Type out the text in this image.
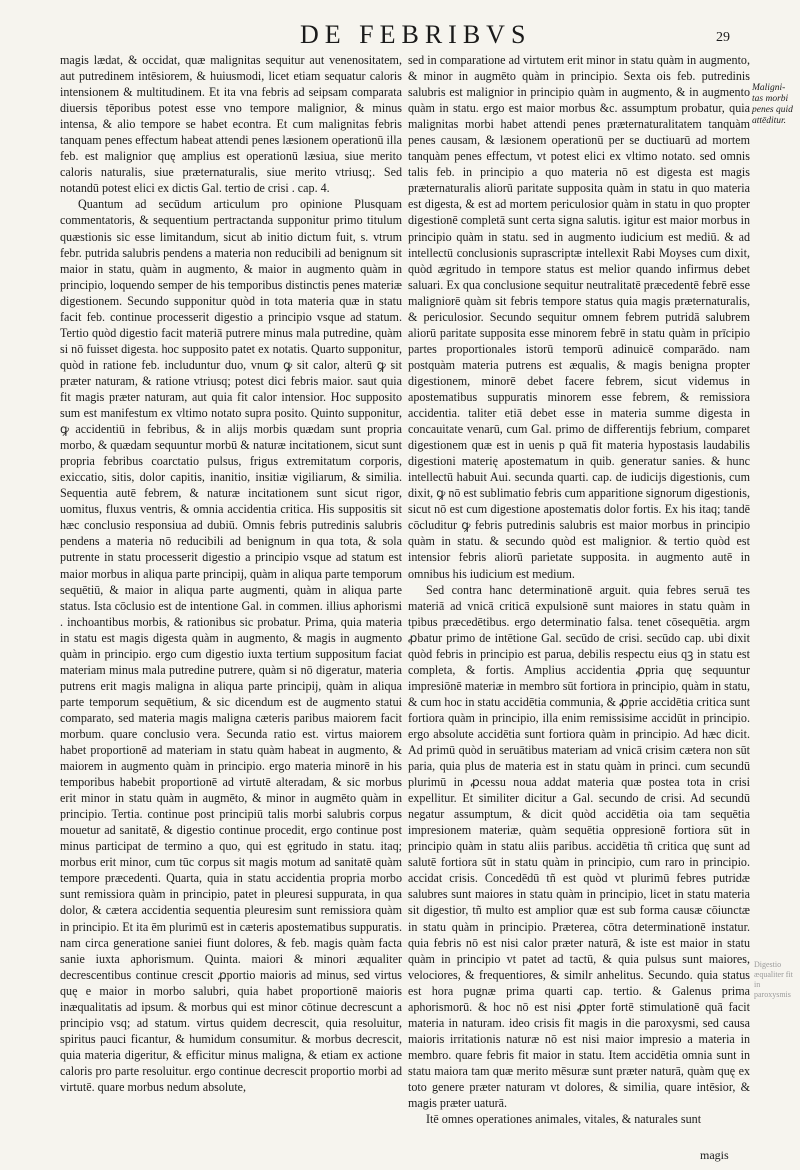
DE FEBRIBVS	29

magis lædat, & occidat, quæ malignitas sequitur aut venenositatem, aut putredinem intēsiorem, & huiusmodi, licet etiam sequatur caloris intensionem & multitudinem. Et ita vna febris ad seipsam comparata diuersis tēporibus potest esse vno tempore malignior, & minus intensa, & alio tempore se habet econtra. Et cum malignitas febris tanquam penes effectum habeat attendi penes læsionem operationū illa feb. est malignior quę amplius est operationū læsiua, siue merito caloris naturalis, siue præternaturalis, siue merito vtriusq;. Sed notandū potest elici ex dictis Gal. tertio de crisi . cap. 4.

Quantum ad secūdum articulum pro opinione Plusquam commentatoris, & sequentium pertractanda supponitur primo titulum quæstionis sic esse limitandum, sicut ab initio dictum fuit, s. vtrum febr. putrida salubris pendens a materia non reducibili ad benignum sit maior in statu, quàm in augmento, & maior in augmento quàm in principio, loquendo semper de his temporibus distinctis penes materiæ digestionem. Secundo supponitur quòd in tota materia quæ in statu facit feb. continue processerit digestio a principio vsque ad statum. Tertio quòd digestio facit materiā putrere minus mala putredine, quàm si nō fuisset digesta. hoc supposito patet ex notatis. Quarto supponitur, quòd in ratione feb. includuntur duo, vnum ꝙ sit calor, alterū ꝙ sit præter naturam, & ratione vtriusq; potest dici febris maior. saut quia fit magis præter naturam, aut quia fit calor intensior. Hoc supposito sum est manifestum ex vltimo notato supra posito. Quinto supponitur, ꝙ accidentiū in febribus, & in alijs morbis quædam sunt propria morbo, & quædam sequuntur morbū & naturæ incitationem, sicut sunt propria febribus coarctatio pulsus, frigus extremitatum corporis, exiccatio, sitis, dolor capitis, inanitio, insitiæ vigiliarum, & similia. Sequentia autē febrem, & naturæ incitationem sunt sicut rigor, uomitus, fluxus ventris, & omnia accidentia critica. His suppositis sit hæc conclusio responsiua ad dubiū. Omnis febris putredinis salubris pendens a materia nō reducibili ad benignum in qua tota, & sola putrente in statu processerit digestio a principio vsque ad statum est maior morbus in aliqua parte principij, quàm in aliqua parte temporum sequētiū, & maior in aliqua parte augmenti, quàm in aliqua parte status. Ista cōclusio est de intentione Gal. in commen. illius aphorismi . inchoantibus morbis, & rationibus sic probatur. Prima, quia materia in statu est magis digesta quàm in augmento, & magis in augmento quàm in principio. ergo cum digestio iuxta tertium suppositum faciat materiam minus mala putredine putrere, quàm si nō digeratur, materia putrens erit magis maligna in aliqua parte principij, quàm in aliqua parte temporum sequētium, & sic dicendum est de augmento statui comparato, sed materia magis maligna cæteris paribus maiorem facit morbum. quare conclusio vera. Secunda ratio est. virtus maiorem habet proportionē ad materiam in statu quàm habeat in augmento, & maiorem in augmento quàm in principio. ergo materia minorē in his temporibus habebit proportionē ad virtutē alteradam, & sic morbus erit minor in statu quàm in augmēto, & minor in augmēto quàm in principio. Tertia. continue post principiū talis morbi salubris corpus mouetur ad sanitatē, & digestio continue procedit, ergo continue post minus participat de termino a quo, qui est ęgritudo in statu. itaq; morbus erit minor, cum tūc corpus sit magis motum ad sanitatē quàm tempore præcedenti. Quarta, quia in statu accidentia propria morbo sunt remissiora quàm in principio, patet in pleuresi suppurata, in qua dolor, & cætera accidentia sequentia pleuresim sunt remissiora quàm in principio. Et ita ēm plurimū est in cæteris apostematibus suppuratis. nam circa generatione saniei fiunt dolores, & feb. magis quàm facta sanie iuxta aphorismum. Quinta. maiori & minori æqualiter decrescentibus continue crescit ꝓportio maioris ad minus, sed virtus quę e maior in morbo salubri, quia habet proportionē maioris inæqualitatis ad ipsum. & morbus qui est minor cōtinue decrescunt a principio vsq; ad statum. virtus quidem decrescit, quia resoluitur, spiritus pauci ficantur, & humidum consumitur. & morbus decrescit, quia materia digeritur, & efficitur minus maligna, & etiam ex actione caloris pro parte resoluitur. ergo continue decrescit proportio morbi ad virtutē. quare morbus nedum absolute,

sed in comparatione ad virtutem erit minor in statu quàm in augmento, & minor in augmēto quàm in principio. Sexta ois feb. putredinis salubris est malignior in principio quàm in augmento, & in augmento quàm in statu. ergo est maior morbus &c. assumptum probatur, quia malignitas morbi habet attendi penes præternaturalitatem tanquàm penes causam, & læsionem operationū per se ductiuarū ad mortem tanquàm penes effectum, vt potest elici ex vltimo notato. sed omnis talis feb. in principio a quo materia nō est digesta est magis præternaturalis aliorū paritate supposita quàm in statu in quo materia est digesta, & est ad mortem periculosior quàm in statu in quo propter digestionē completā sunt certa signa salutis. igitur est maior morbus in principio quàm in statu. sed in augmento iudicium est mediū. & ad intellectū conclusionis suprascriptæ intellexit Rabi Moyses cum dixit, quòd ægritudo in tempore status est melior quando infirmus debet saluari. Ex qua conclusione sequitur neutralitatē præcedentē febrē esse maligniorē quàm sit febris tempore status quia magis præternaturalis, & periculosior. Secundo sequitur omnem febrem putridā salubrem aliorū paritate supposita esse minorem febrē in statu quàm in prīcipio partes proportionales istorū temporū adinuicē comparādo. nam postquàm materia putrens est æqualis, & magis benigna propter digestionem, minorē debet facere febrem, sicut videmus in apostematibus suppuratis minorem esse febrem, & remissiora accidentia. taliter etiā debet esse in materia summe digesta in concauitate venarū, cum Gal. primo de differentijs febrium, comparet digestionem quæ est in uenis p quā fit materia hypostasis laudabilis digestioni materię apostematum in quib. generatur sanies. & hunc intellectū habuit Aui. secunda quarti. cap. de iudicijs digestionis, cum dixit, ꝙ nō est sublimatio febris cum apparitione signorum digestionis, sicut nō est cum digestione apostematis dolor fortis. Ex his itaq; tandē cōcluditur ꝙ febris putredinis salubris est maior morbus in principio quàm in statu. & secundo quòd est malignior. & tertio quòd est intensior febris aliorū parietate supposita. in augmento autē in omnibus his iudicium est medium.

Sed contra hanc determinationē arguit. quia febres seruā tes materiā ad vnicā criticā expulsionē sunt maiores in statu quàm in tpibus præcedētibus. ergo determinatio falsa. tenet cōsequētia. argm ꝓbatur primo de intētione Gal. secūdo de crisi. secūdo cap. ubi dixit quòd febris in principio est parua, debilis respectu eius qꝫ in statu est completa, & fortis. Amplius accidentia ꝓpria quę sequuntur impresiōnē materiæ in membro sūt fortiora in principio, quàm in statu, & cum hoc in statu accidētia communia, & ꝓprie accidētia critica sunt fortiora quàm in principio, illa enim remissisime accidūt in principio. ergo absolute accidētia sunt fortiora quàm in principio. Ad hæc dicit. Ad primū quòd in seruātibus materiam ad vnicā crisim cætera non sūt paria, quia plus de materia est in statu quàm in princi. cum secundū plurimū in ꝓcessu noua addat materia quæ postea tota in crisi expellitur. Et similiter dicitur a Gal. secundo de crisi. Ad secundū negatur assumptum, & dicit quòd accidētia oia tam sequētia impresionem materiæ, quàm sequētia oppresionē fortiora sūt in principio quàm in statu aliis paribus. accidētia tñ critica quę sunt ad salutē fortiora sūt in statu quàm in principio, cum raro in principio. accidat crisis. Concedēdū tñ est quòd vt plurimū febres putridæ salubres sunt maiores in statu quàm in principio, licet in statu materia sit digestior, tñ multo est amplior quæ est sub forma causæ cōiunctæ in statu quàm in principio. Præterea, cōtra determinationē instatur. quia febris nō est nisi calor præter naturā, & iste est maior in statu quàm in principio vt patet ad tactū, & quia pulsus sunt maiores, velociores, & frequentiores, & similr anhelitus. Secundo. quia status est hora pugnæ prima quarti cap. tertio. & Galenus prima aphorismorū. & hoc nō est nisi ꝓpter fortē stimulationē quā facit materia in naturam. ideo crisis fit magis in die paroxysmi, sed causa maioris irritationis naturæ nō est nisi maior impresio a materia in membro. quare febris fit maior in statu. Item accidētia omnia sunt in statu maiora tam quæ merito mēsuræ sunt præter naturā, quàm quę ex toto genere præter naturam vt dolores, & similia, quare intēsior, & magis præter uaturā.

Itē omnes operationes animales, vitales, & naturales sunt

Maligni- tas morbi penes quid attēditur.
Digestio æqualiter fit in paroxysmis
magis
